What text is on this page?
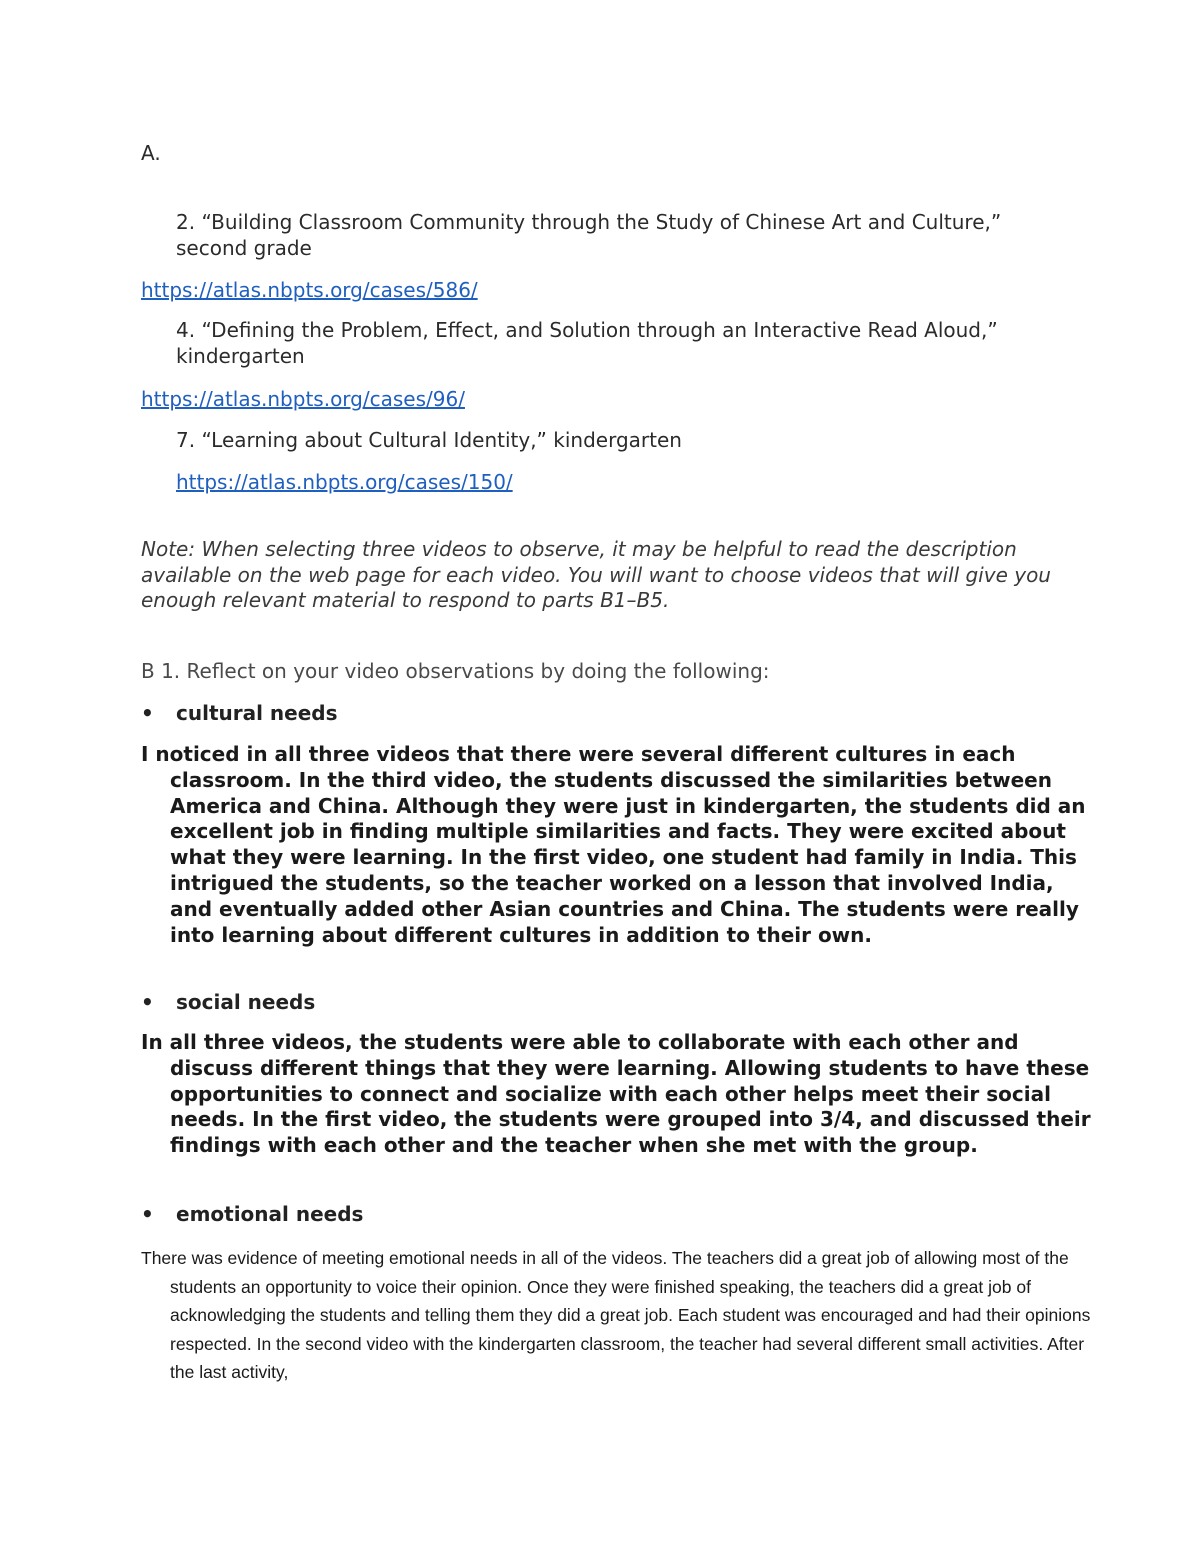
A.

2. “Building Classroom Community through the Study of Chinese Art and Culture,” second grade

https://atlas.nbpts.org/cases/586/

4. “Defining the Problem, Effect, and Solution through an Interactive Read Aloud,” kindergarten

https://atlas.nbpts.org/cases/96/

7. “Learning about Cultural Identity,” kindergarten

https://atlas.nbpts.org/cases/150/

Note: When selecting three videos to observe, it may be helpful to read the description available on the web page for each video. You will want to choose videos that will give you enough relevant material to respond to parts B1–B5.

B 1. Reflect on your video observations by doing the following:

• cultural needs

I noticed in all three videos that there were several different cultures in each classroom. In the third video, the students discussed the similarities between America and China. Although they were just in kindergarten, the students did an excellent job in finding multiple similarities and facts. They were excited about what they were learning. In the first video, one student had family in India. This intrigued the students, so the teacher worked on a lesson that involved India, and eventually added other Asian countries and China. The students were really into learning about different cultures in addition to their own.

• social needs

In all three videos, the students were able to collaborate with each other and discuss different things that they were learning. Allowing students to have these opportunities to connect and socialize with each other helps meet their social needs. In the first video, the students were grouped into 3/4, and discussed their findings with each other and the teacher when she met with the group.

• emotional needs

There was evidence of meeting emotional needs in all of the videos. The teachers did a great job of allowing most of the students an opportunity to voice their opinion. Once they were finished speaking, the teachers did a great job of acknowledging the students and telling them they did a great job. Each student was encouraged and had their opinions respected. In the second video with the kindergarten classroom, the teacher had several different small activities. After the last activity,
